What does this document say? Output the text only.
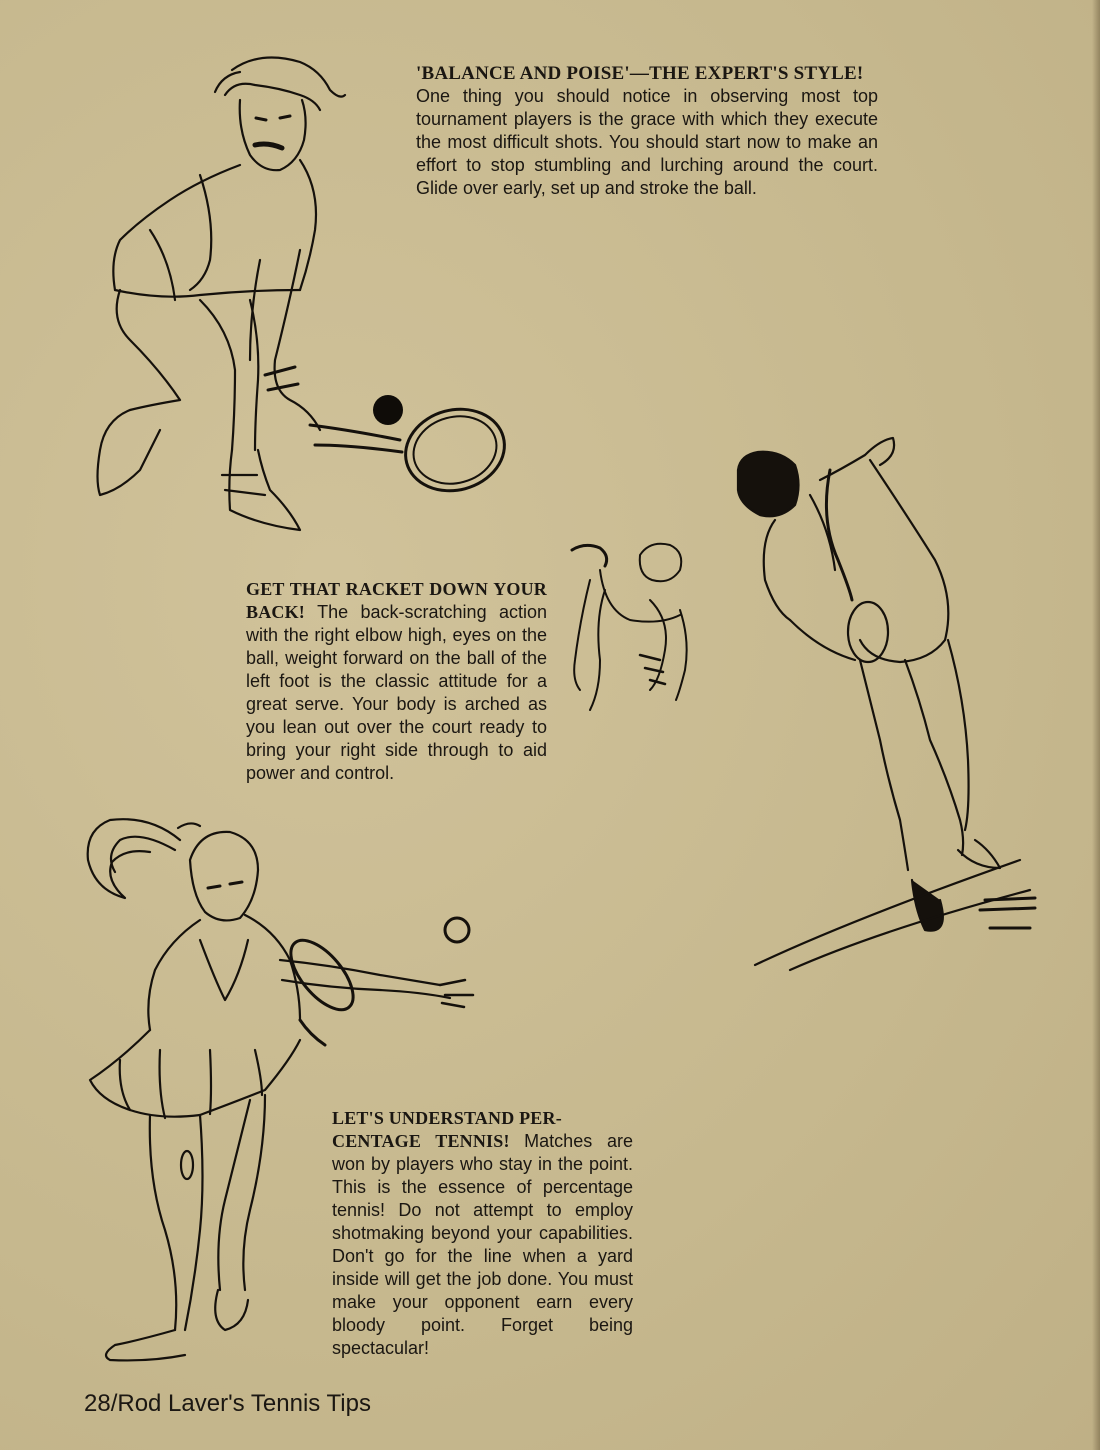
'BALANCE AND POISE'—THE EXPERT'S STYLE!
One thing you should notice in observing most top tournament players is the grace with which they execute the most difficult shots. You should start now to make an effort to stop stumbling and lurching around the court. Glide over early, set up and stroke the ball.
GET THAT RACKET DOWN YOUR BACK! The back-scratching action with the right elbow high, eyes on the ball, weight forward on the ball of the left foot is the classic attitude for a great serve. Your body is arched as you lean out over the court ready to bring your right side through to aid power and control.
LET'S UNDERSTAND PER-
CENTAGE TENNIS! Matches are won by players who stay in the point. This is the essence of percentage tennis! Do not attempt to employ shotmaking beyond your capabilities. Don't go for the line when a yard inside will get the job done. You must make your opponent earn every bloody point. Forget being spectacular!
28/Rod Laver's Tennis Tips
